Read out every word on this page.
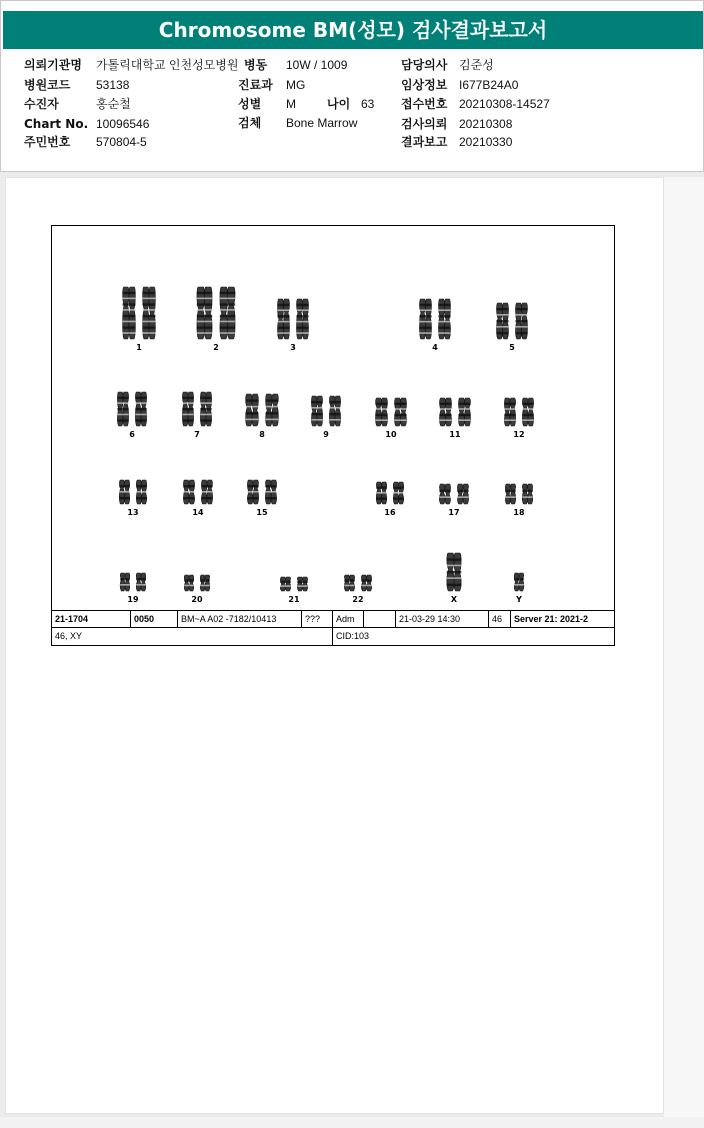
Chromosome BM(성모) 검사결과보고서
의뢰기관명 가톨릭대학교 인천성모병원
병원코드 53138
수진자	홍순철
Chart No. 10096546
주민번호 570804-5
병동 10W / 1009
진료과 MG
성별 M	나이 63
검체 Bone Marrow
담당의사 김준성
임상정보 I677B24A0
접수번호 20210308-14527
검사의뢰 20210308
결과보고 20210330
1	2	3	4	5
6	7	8	9	10	11	12
13	14	15	16	17	18
19	20	21	22	X	Y
21-1704	0050	BM~A A02 -7182/10413	???	Adm	21-03-29 14:30	46	Server 21: 2021-2
46, XY	CID:103
